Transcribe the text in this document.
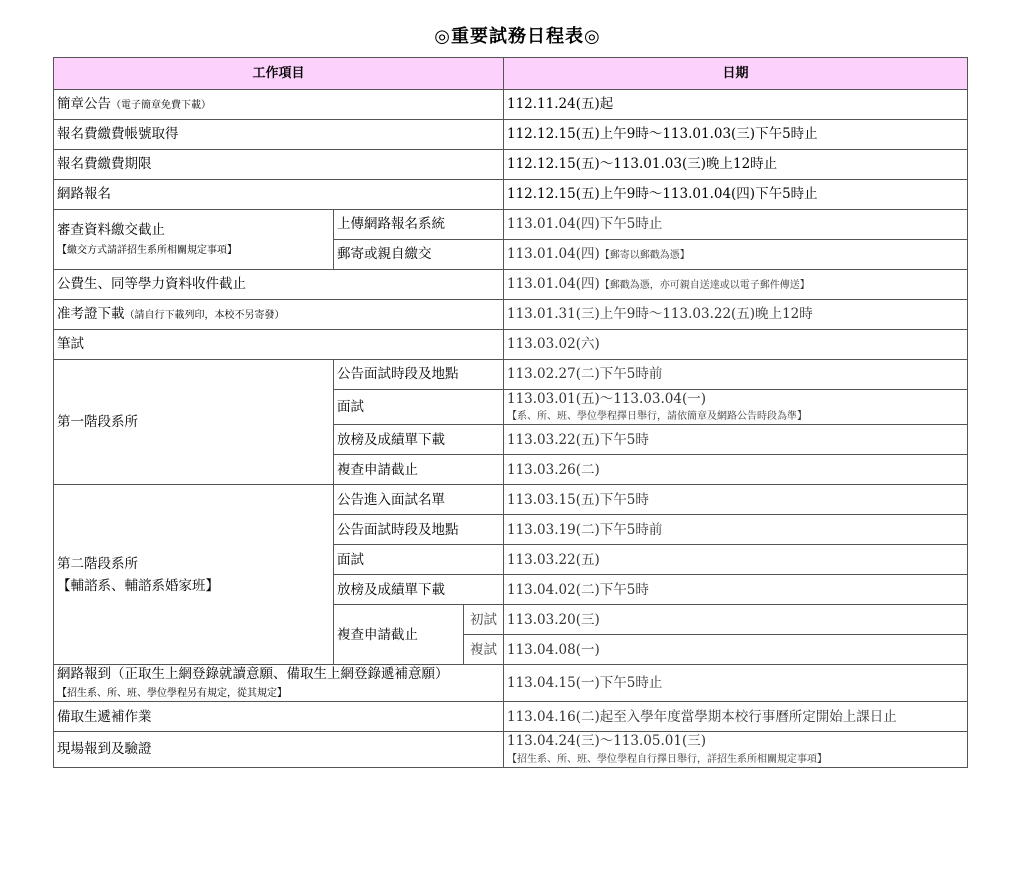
◎重要試務日程表◎
工作項目			日期
簡章公告（電子簡章免費下載）			112.11.24(五)起
報名費繳費帳號取得			112.12.15(五)上午9時～113.01.03(三)下午5時止
報名費繳費期限			112.12.15(五)～113.01.03(三)晚上12時止
網路報名			112.12.15(五)上午9時～113.01.04(四)下午5時止

審查資料繳交截止
【繳交方式請詳招生系所相關規定事項】	上傳網路報名系統		113.01.04(四)下午5時止
	郵寄或親自繳交		113.01.04(四)【郵寄以郵戳為憑】
公費生、同等學力資料收件截止			113.01.04(四)【郵戳為憑，亦可親自送達或以電子郵件傳送】
准考證下載（請自行下載列印，本校不另寄發）			113.01.31(三)上午9時～113.03.22(五)晚上12時
筆試			113.03.02(六)
第一階段系所	公告面試時段及地點		113.02.27(二)下午5時前
	面試		113.03.01(五)～113.03.04(一)
【系、所、班、學位學程擇日舉行，請依簡章及網路公告時段為準】

	放榜及成績單下載		113.03.22(五)下午5時
	複查申請截止		113.03.26(二)

第二階段系所
【輔諮系、輔諮系婚家班】	公告進入面試名單		113.03.15(五)下午5時
	公告面試時段及地點		113.03.19(二)下午5時前
	面試		113.03.22(五)
	放榜及成績單下載		113.04.02(二)下午5時
	複查申請截止	初試	113.03.20(三)
		複試	113.04.08(一)

網路報到（正取生上網登錄就讀意願、備取生上網登錄遞補意願）
【招生系、所、班、學位學程另有規定，從其規定】			113.04.15(一)下午5時止
備取生遞補作業			113.04.16(二)起至入學年度當學期本校行事曆所定開始上課日止
現場報到及驗證			113.04.24(三)～113.05.01(三)
【招生系、所、班、學位學程自行擇日舉行，詳招生系所相關規定事項】
